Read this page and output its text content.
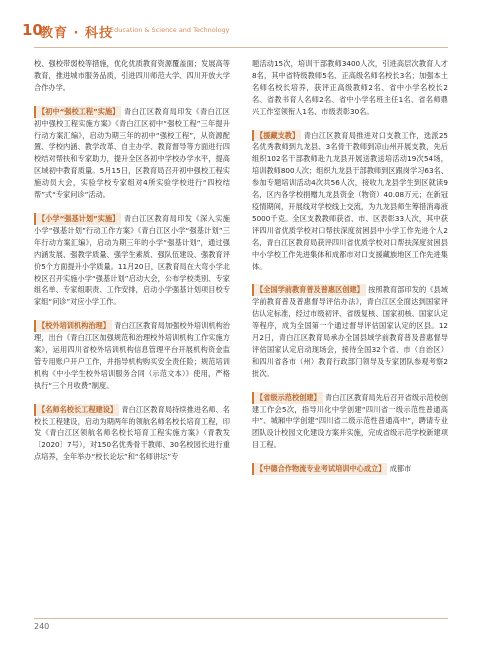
10
教育 · 科技
Education & Science and Technology

校、强校带弱校等措施，优化优质教育资源覆盖面；发展高等教育，推进城市服务品质，引进四川师范大学、四川开放大学合作办学。

【初中“强校工程”实施】 青白江区教育局印发《青白江区初中强校工程实施方案》《青白江区初中“强校工程”三年提升行动方案汇编》，启动为期三年的初中“强校工程”，从资源配置、学校内涵、教学改革、自主办学、教育督导等方面进行四校结对帮扶和专家助力，提升全区各初中学校办学水平，提高区域初中教育质量。5月15日，区教育局召开初中强校工程实施动员大会，实验学校专家组对4所实验学校进行“四校结帮”式“专家问诊”活动。

【小学“强基计划”实施】 青白江区教育局印发《深入实施小学“强基计划”行动工作方案》《青白江区小学“强基计划”三年行动方案汇编》，启动为期三年的小学“强基计划”，通过强内涵发展、强教学质量、强学生素质、强队伍建设、强教育评价5个方面提升小学质量。11月20日，区教育局在大弯小学北校区召开实施小学“强基计划”启动大会，公布学校类别、专家组名单、专家组职责、工作安排，启动小学强基计划项目校专家组“问诊”对应小学工作。

【校外培训机构治理】 青白江区教育局加强校外培训机构治理，出台《青白江区加强规范和治理校外培训机构工作实施方案》，运用四川省校外培训机构信息管理平台开展机构资金监管专用账户开户工作，并指导机构购买安全责任险；规范培训机构《中小学生校外培训服务合同（示范文本）》使用，严格执行“三个月收费”制度。

【名师名校长工程建设】 青白江区教育局持续推进名师、名校长工程建设，启动为期两年的领航名师名校长培育工程，印发《青白江区领航名师名校长培育工程实施方案》（青教发〔2020〕7号），对150名优秀骨干教师、30名校园长进行重点培养，全年举办“校长论坛”和“名师讲坛”专

题活动15次，培训干部教师3400人次，引进高层次教育人才8名，其中省特级教师5名、正高级名师名校长3名；加强本土名师名校长培养，获评正高级教师2名、省中小学名校长2名、省教书育人名师2名、省中小学名班主任1名、省名师鼎兴工作室领衔人1名、市级表彰30名。

【援藏支教】 青白江区教育局推进对口支教工作，选派25名优秀教师到九龙县、3名骨干教师到凉山州开展支教，先后组织102名干部教师赴九龙县开展送教送培活动19次54场，培训教师800人次；组织九龙县干部教师到区跟岗学习63名、参加专题培训活动4次共56人次，接收九龙县学生到区就读9名，区内各学校捐赠九龙县资金（物资）40.08万元；在新冠疫情期间，开展线对学校线上交流，为九龙县师生筹措消毒液5000千克。全区支教教师获省、市、区表彰33人次，其中获评四川省优质学校对口帮扶深度贫困县中小学工作先进个人2名，青白江区教育局获评四川省优质学校对口帮扶深度贫困县中小学校工作先进集体和成都市对口支援藏族地区工作先进集体。

【全国学前教育普及普惠区创建】 按照教育部印发的《县域学前教育普及普惠督导评估办法》，青白江区全面达到国家评估认定标准，经过市级初评、省级复核、国家初核、国家认定等程序，成为全国第一个通过督导评估国家认定的区县。12月2日，青白江区教育局承办全国县域学前教育普及普惠督导评估国家认定启动现场会，接待全国32个省、市（自治区）和四川省各市（州）教育行政部门领导及专家团队参观考察2批次。

【省级示范校创建】 青白江区教育局先后召开省级示范校创建工作会5次，指导川化中学创建“四川省一级示范性普通高中”、城厢中学创建“四川省二级示范性普通高中”，聘请专业团队设计校园文化建设方案并实施，完成省级示范学校新建项目工程。

【中德合作物流专业考试培训中心成立】 成都市

240
